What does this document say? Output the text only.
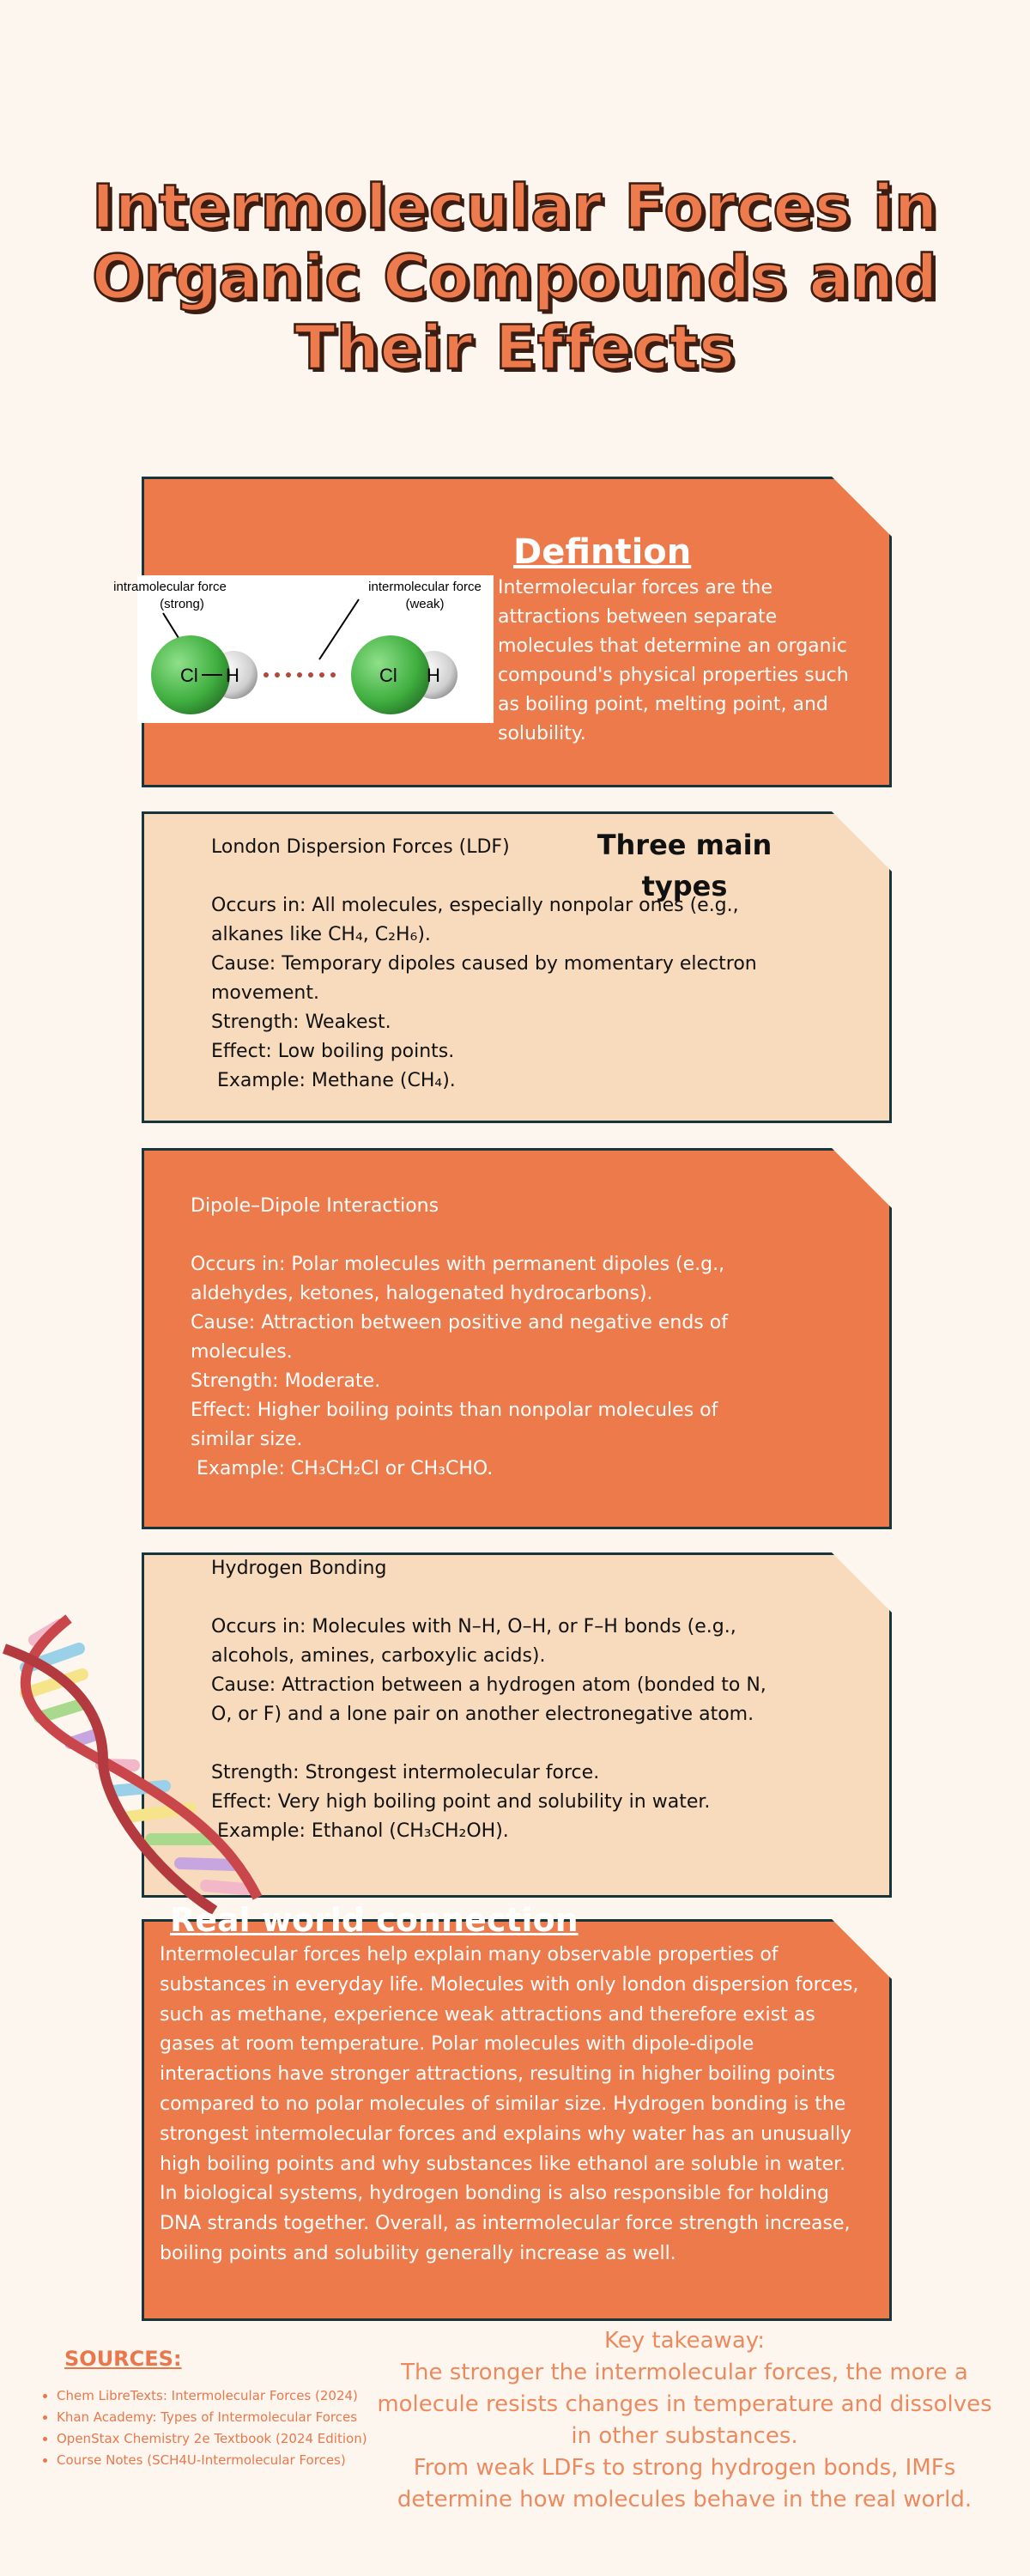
Intermolecular Forces in Organic Compounds and Their Effects
Defintion
Intermolecular forces are the attractions between separate molecules that determine an organic compound's physical properties such as boiling point, melting point, and solubility.
intramolecular force
(strong)
intermolecular force
(weak)
Cl H	Cl H
Three main types
London Dispersion Forces (LDF)
Occurs in: All molecules, especially nonpolar ones (e.g., alkanes like CH₄, C₂H₆).
Cause: Temporary dipoles caused by momentary electron movement.
Strength: Weakest.
Effect: Low boiling points.
Example: Methane (CH₄).
Dipole–Dipole Interactions
Occurs in: Polar molecules with permanent dipoles (e.g., aldehydes, ketones, halogenated hydrocarbons).
Cause: Attraction between positive and negative ends of molecules.
Strength: Moderate.
Effect: Higher boiling points than nonpolar molecules of similar size.
Example: CH₃CH₂Cl or CH₃CHO.
Hydrogen Bonding
Occurs in: Molecules with N–H, O–H, or F–H bonds (e.g., alcohols, amines, carboxylic acids).
Cause: Attraction between a hydrogen atom (bonded to N, O, or F) and a lone pair on another electronegative atom.
Strength: Strongest intermolecular force.
Effect: Very high boiling point and solubility in water.
Example: Ethanol (CH₃CH₂OH).
Real world connection
Intermolecular forces help explain many observable properties of substances in everyday life. Molecules with only london dispersion forces, such as methane, experience weak attractions and therefore exist as gases at room temperature. Polar molecules with dipole-dipole interactions have stronger attractions, resulting in higher boiling points compared to no polar molecules of similar size. Hydrogen bonding is the strongest intermolecular forces and explains why water has an unusually high boiling points and why substances like ethanol are soluble in water. In biological systems, hydrogen bonding is also responsible for holding DNA strands together. Overall, as intermolecular force strength increase, boiling points and solubility generally increase as well.
SOURCES:
• Chem LibreTexts: Intermolecular Forces (2024)
• Khan Academy: Types of Intermolecular Forces
• OpenStax Chemistry 2e Textbook (2024 Edition)
• Course Notes (SCH4U-Intermolecular Forces)
Key takeaway:
The stronger the intermolecular forces, the more a molecule resists changes in temperature and dissolves in other substances.
From weak LDFs to strong hydrogen bonds, IMFs determine how molecules behave in the real world.
